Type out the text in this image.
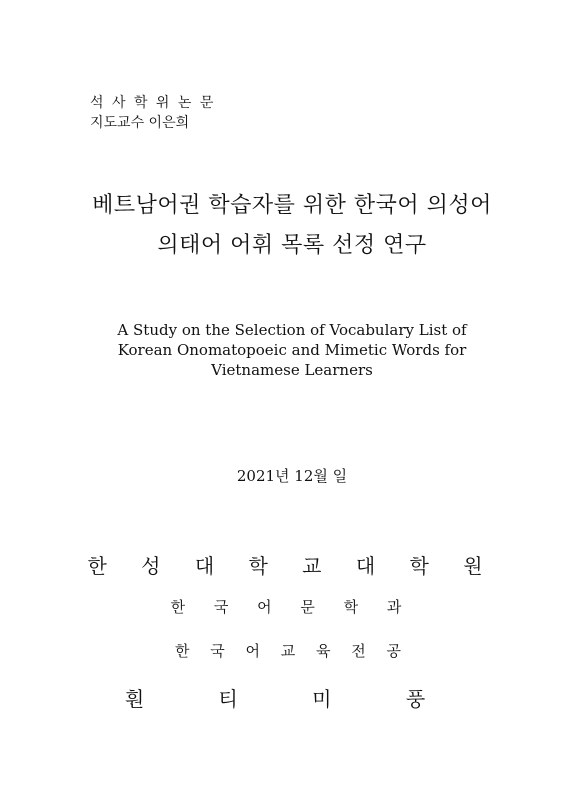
석 사 학 위 논 문
지도교수 이은희
베트남어권 학습자를 위한 한국어 의성어
의태어 어휘 목록 선정 연구
A Study on the Selection of Vocabulary List of
Korean Onomatopoeic and Mimetic Words for
Vietnamese Learners
2021년 12월 일
한 성 대 학 교 대 학 원
한 국 어 문 학 과
한 국 어 교 육 전 공
훤 티 미 풍
